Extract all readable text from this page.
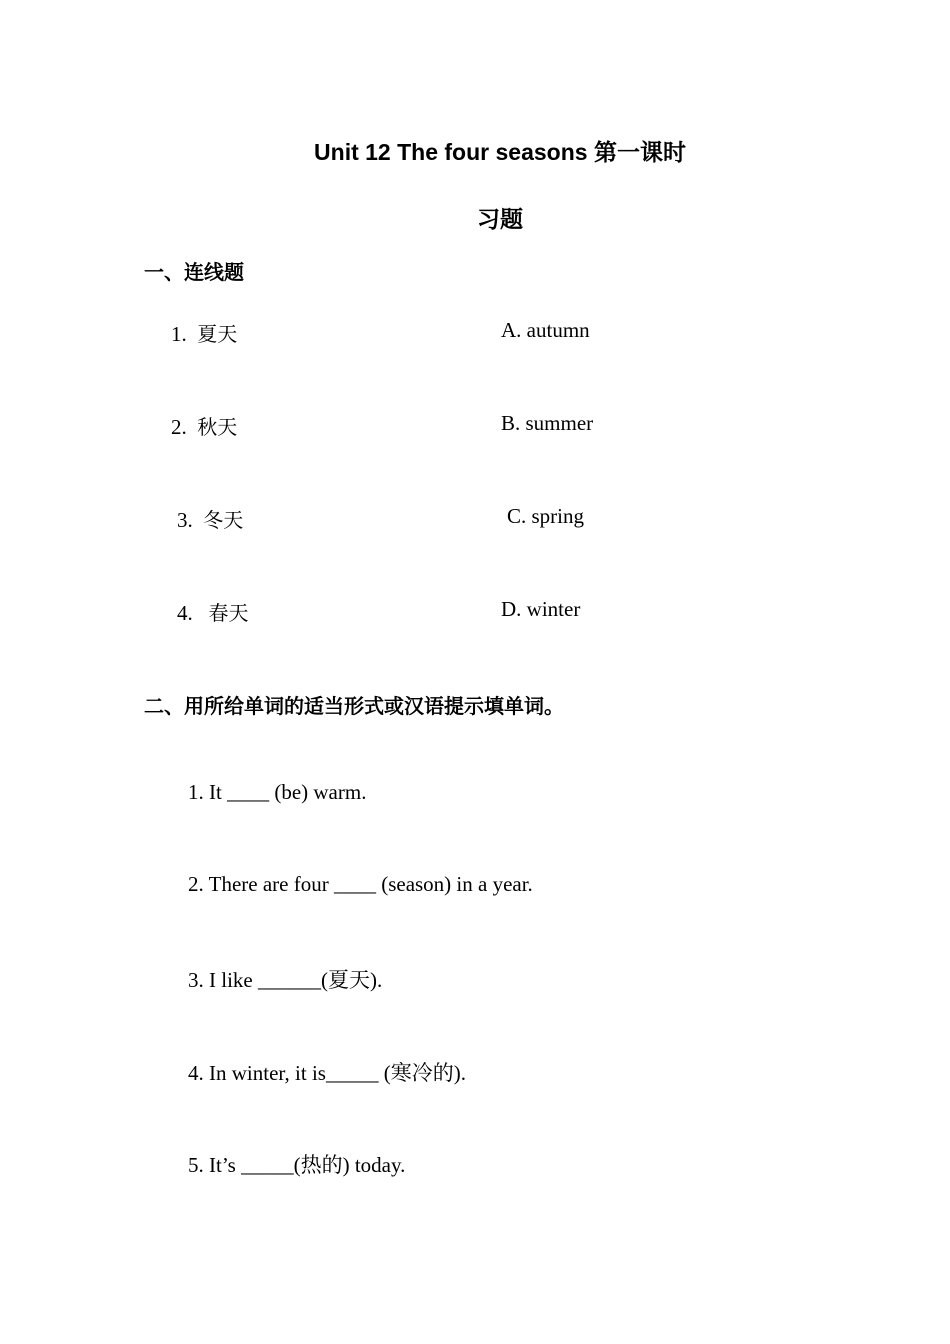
Unit 12 The four seasons 第一课时
习题
一、连线题
1. 夏天
2. 秋天
3. 冬天
4. 春天
A. autumn
B. summer
C. spring
D. winter
二、用所给单词的适当形式或汉语提示填单词。
1. It ____ (be) warm.
2. There are four ____ (season) in a year.
3. I like ______(夏天).
4. In winter, it is_____ (寒冷的).
5. It’s _____(热的) today.
